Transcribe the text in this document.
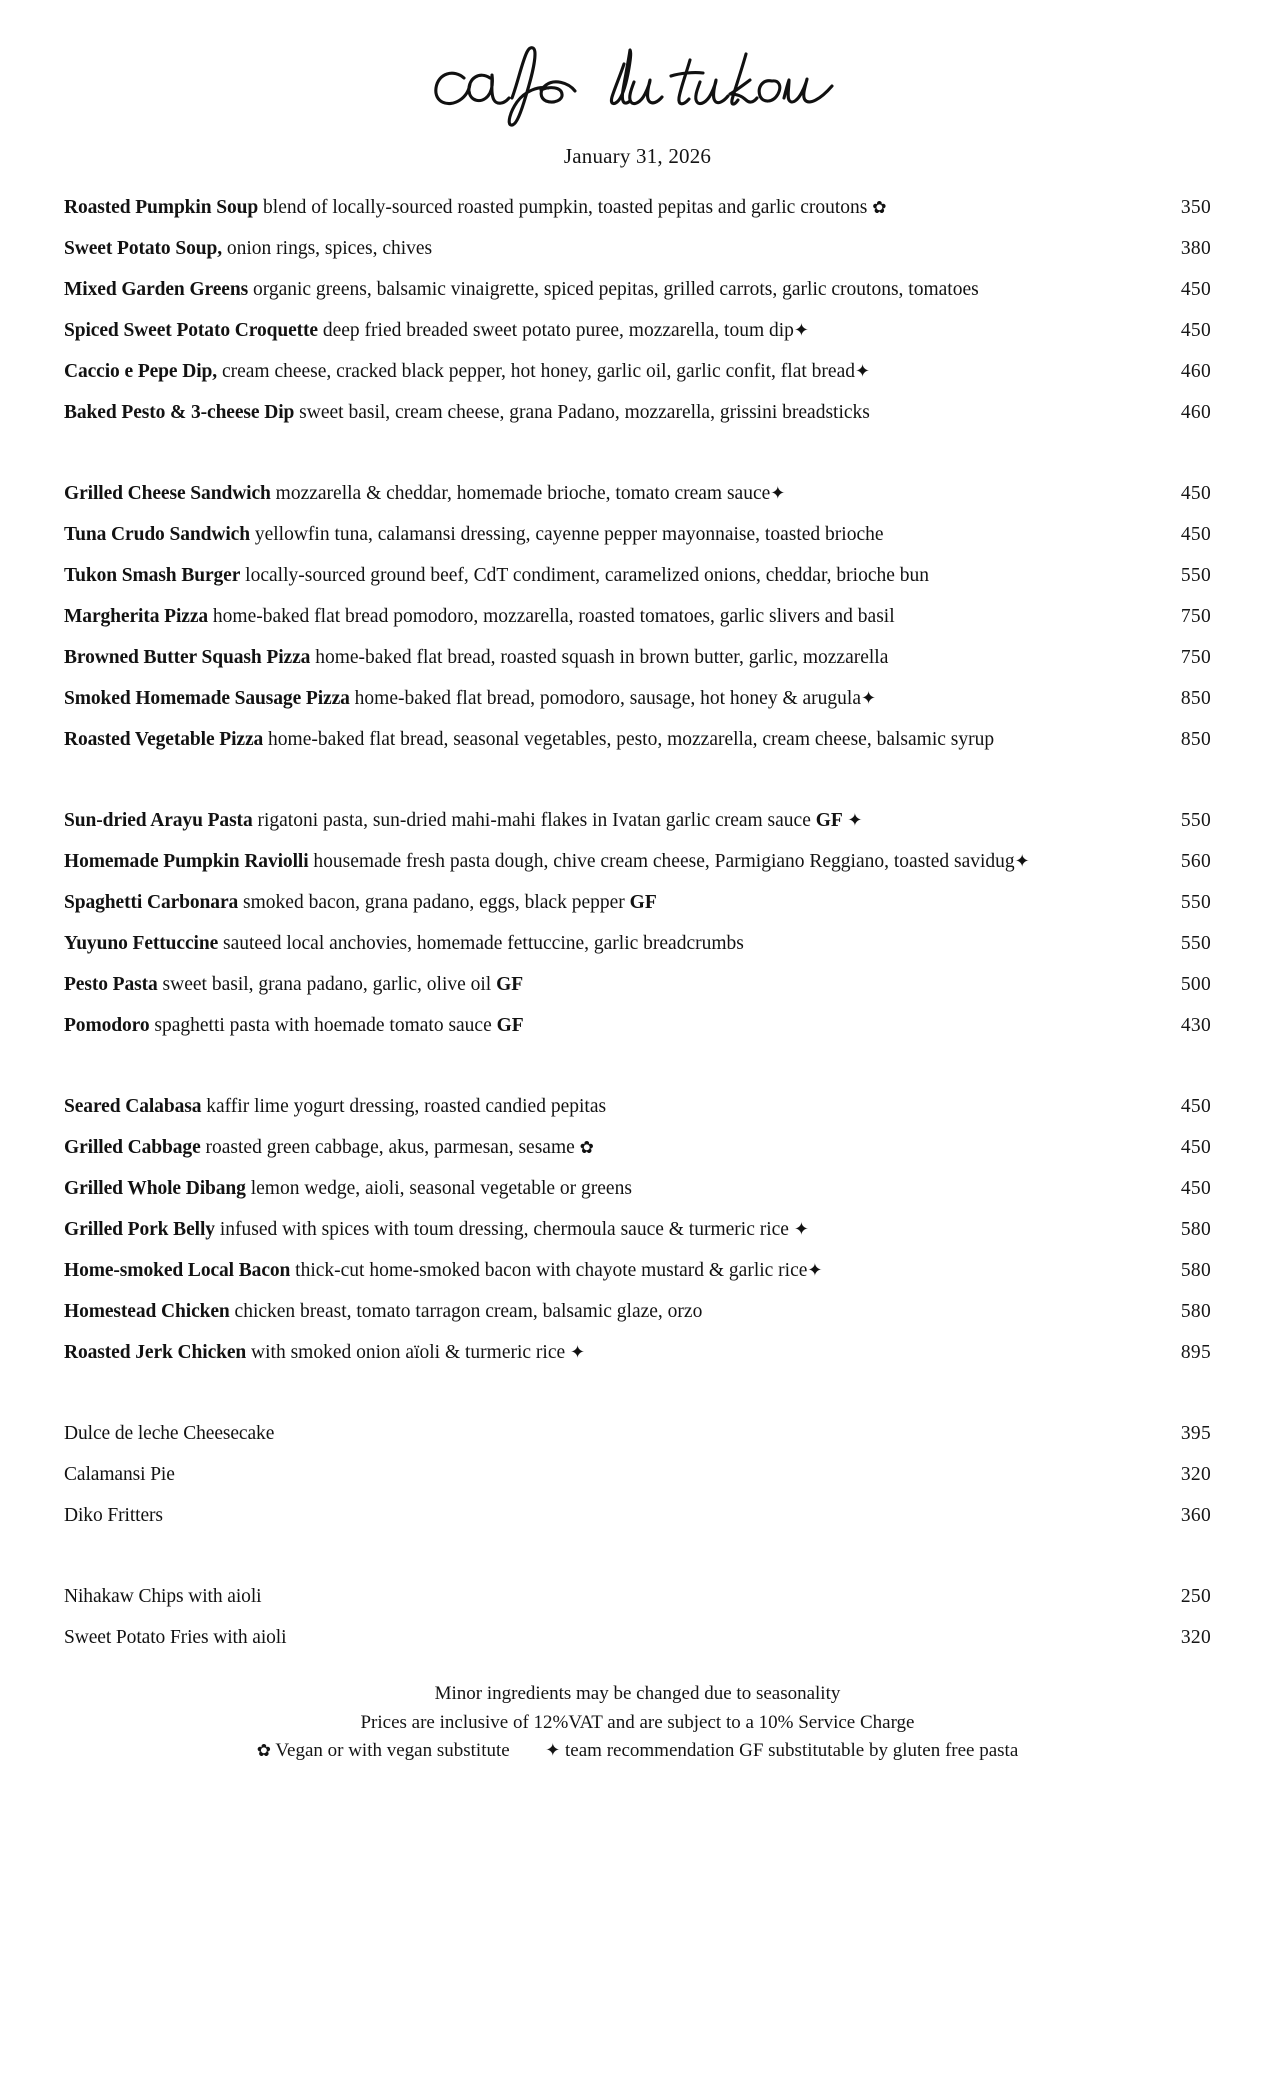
January 31, 2026
Roasted Pumpkin Soup blend of locally-sourced roasted pumpkin, toasted pepitas and garlic croutons ✿	350
Sweet Potato Soup, onion rings, spices, chives	380
Mixed Garden Greens organic greens, balsamic vinaigrette, spiced pepitas, grilled carrots, garlic croutons, tomatoes	450
Spiced Sweet Potato Croquette deep fried breaded sweet potato puree, mozzarella, toum dip✦	450
Caccio e Pepe Dip, cream cheese, cracked black pepper, hot honey, garlic oil, garlic confit, flat bread✦	460
Baked Pesto & 3-cheese Dip sweet basil, cream cheese, grana Padano, mozzarella, grissini breadsticks	460
Grilled Cheese Sandwich mozzarella & cheddar, homemade brioche, tomato cream sauce✦	450
Tuna Crudo Sandwich yellowfin tuna, calamansi dressing, cayenne pepper mayonnaise, toasted brioche	450
Tukon Smash Burger locally-sourced ground beef, CdT condiment, caramelized onions, cheddar, brioche bun	550
Margherita Pizza home-baked flat bread pomodoro, mozzarella, roasted tomatoes, garlic slivers and basil	750
Browned Butter Squash Pizza home-baked flat bread, roasted squash in brown butter, garlic, mozzarella	750
Smoked Homemade Sausage Pizza home-baked flat bread, pomodoro, sausage, hot honey & arugula✦	850
Roasted Vegetable Pizza home-baked flat bread, seasonal vegetables, pesto, mozzarella, cream cheese, balsamic syrup	850
Sun-dried Arayu Pasta rigatoni pasta, sun-dried mahi-mahi flakes in Ivatan garlic cream sauce GF ✦	550
Homemade Pumpkin Raviolli housemade fresh pasta dough, chive cream cheese, Parmigiano Reggiano, toasted savidug✦	560
Spaghetti Carbonara smoked bacon, grana padano, eggs, black pepper GF	550
Yuyuno Fettuccine sauteed local anchovies, homemade fettuccine, garlic breadcrumbs	550
Pesto Pasta sweet basil, grana padano, garlic, olive oil GF	500
Pomodoro spaghetti pasta with hoemade tomato sauce GF	430
Seared Calabasa kaffir lime yogurt dressing, roasted candied pepitas	450
Grilled Cabbage roasted green cabbage, akus, parmesan, sesame ✿	450
Grilled Whole Dibang lemon wedge, aioli, seasonal vegetable or greens	450
Grilled Pork Belly infused with spices with toum dressing, chermoula sauce & turmeric rice ✦	580
Home-smoked Local Bacon thick-cut home-smoked bacon with chayote mustard & garlic rice✦	580
Homestead Chicken chicken breast, tomato tarragon cream, balsamic glaze, orzo	580
Roasted Jerk Chicken with smoked onion aïoli & turmeric rice ✦	895
Dulce de leche Cheesecake	395
Calamansi Pie	320
Diko Fritters	360
Nihakaw Chips with aioli	250
Sweet Potato Fries with aioli	320
Minor ingredients may be changed due to seasonality
Prices are inclusive of 12%VAT and are subject to a 10% Service Charge
✿ Vegan or with vegan substitute ✦ team recommendation GF substitutable by gluten free pasta
